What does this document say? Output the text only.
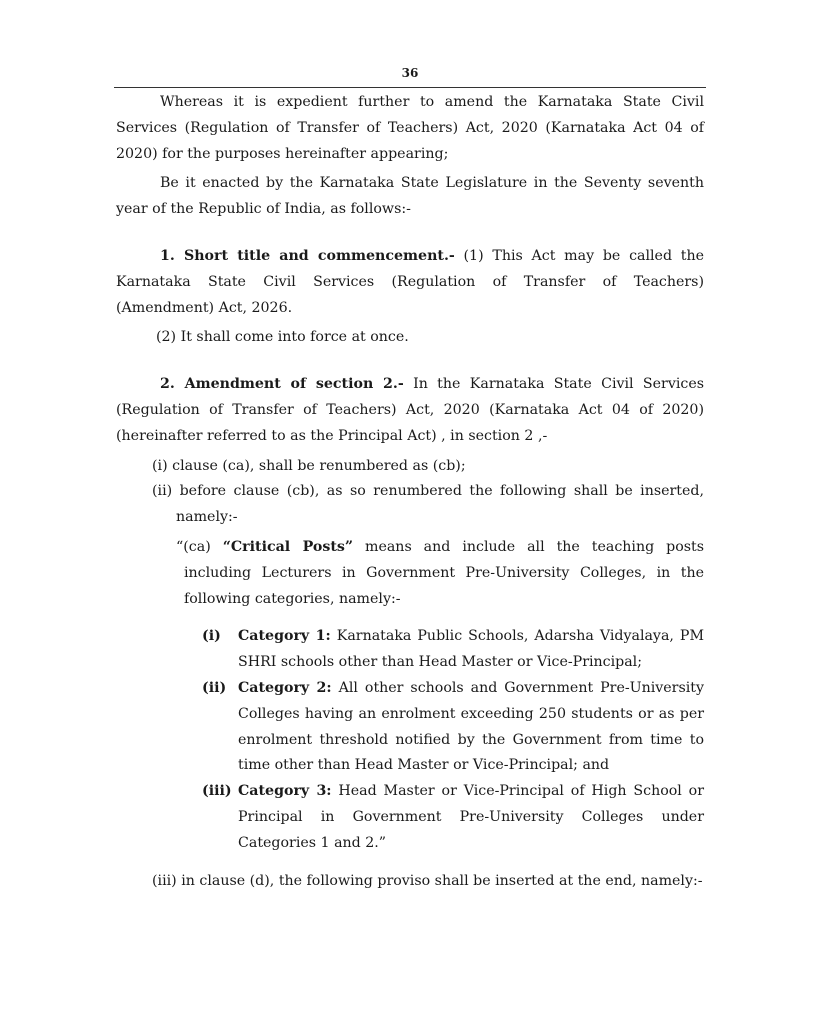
36

Whereas it is expedient further to amend the Karnataka State Civil Services (Regulation of Transfer of Teachers) Act, 2020 (Karnataka Act 04 of 2020) for the purposes hereinafter appearing;

Be it enacted by the Karnataka State Legislature in the Seventy seventh year of the Republic of India, as follows:-

1. Short title and commencement.- (1) This Act may be called the Karnataka State Civil Services (Regulation of Transfer of Teachers) (Amendment) Act, 2026.

(2) It shall come into force at once.

2. Amendment of section 2.- In the Karnataka State Civil Services (Regulation of Transfer of Teachers) Act, 2020 (Karnataka Act 04 of 2020) (hereinafter referred to as the Principal Act) , in section 2 ,-

(i) clause (ca), shall be renumbered as (cb);

(ii) before clause (cb), as so renumbered the following shall be inserted, namely:-

“(ca) “Critical Posts” means and include all the teaching posts including Lecturers in Government Pre-University Colleges, in the following categories, namely:-

(i) Category 1: Karnataka Public Schools, Adarsha Vidyalaya, PM SHRI schools other than Head Master or Vice-Principal;

(ii) Category 2: All other schools and Government Pre-University Colleges having an enrolment exceeding 250 students or as per enrolment threshold notified by the Government from time to time other than Head Master or Vice-Principal; and

(iii) Category 3: Head Master or Vice-Principal of High School or Principal in Government Pre-University Colleges under Categories 1 and 2.”

(iii) in clause (d), the following proviso shall be inserted at the end, namely:-
